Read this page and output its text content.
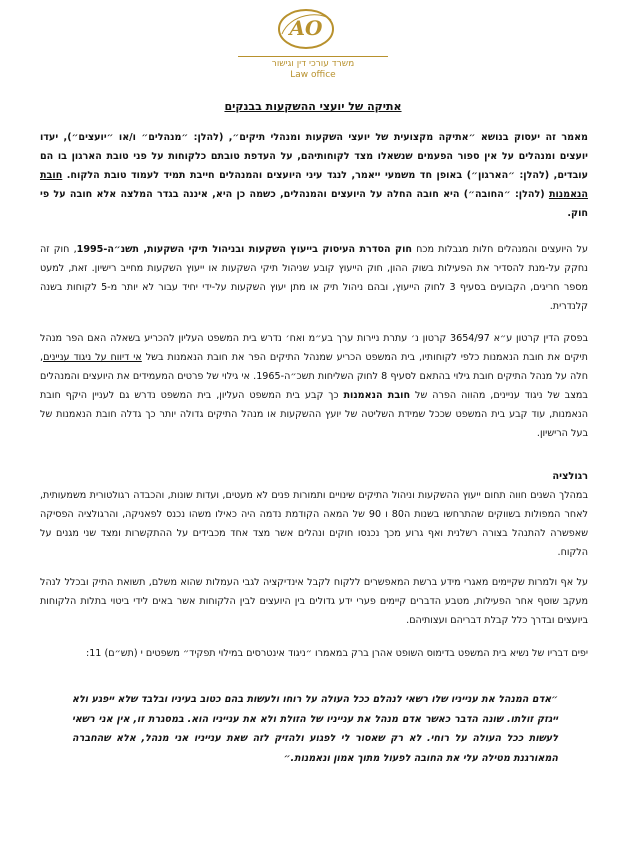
AO
משרד עורכי דין וגישור
Law office
אתיקה של יועצי ההשקעות בבנקים

מאמר זה יעסוק בנושא ״אתיקה מקצועית של יועצי השקעות ומנהלי תיקים״, (להלן: ״מנהלים״ ו/או ״יועצים״), יעדו יועצים ומנהלים על אין ספור הפעמים שנשאלו מצד לקוחותיהם, על העדפת טובתם כלקוחות על פני טובת הארגון בו הם עובדים, (להלן: ״הארגון״) באופן חד משמעי ייאמר, לנגד עיני היועצים והמנהלים חייבת תמיד לעמוד טובת הלקוח. חובת הנאמנות (להלן: ״החובה״) היא חובה החלה על היועצים והמנהלים, כשמה כן היא, איננה בגדר המלצה אלא חובה על פי חוק.

על היועצים והמנהלים חלות מגבלות מכח חוק הסדרת העיסוק בייעוץ השקעות ובניהול תיקי השקעות, תשנ״ה-1995, חוק זה נחקק על-מנת להסדיר את הפעילות בשוק ההון, חוק הייעוץ קובע שניהול תיקי השקעות או ייעוץ השקעות מחייב רישיון. זאת, למעט מספר חריגים, הקבועים בסעיף 3 לחוק הייעוץ, ובהם ניהול תיק או מתן יעוץ השקעות על-ידי יחיד עבור לא יותר מ-5 לקוחות בשנה קלנדרית.

בפסק הדין קרטון ע״א 3654/97 קרטון נ׳ עתרת ניירות ערך בע״מ ואח׳ נדרש בית המשפט העליון להכריע בשאלה האם הפר מנהל תיקים את חובת הנאמנות כלפי לקוחותיו, בית המשפט הכריע שמנהל התיקים הפר את חובת הנאמנות בשל אי דיווח על ניגוד עניינים, חלה על מנהל התיקים חובת גילוי בהתאם לסעיף 8 לחוק השליחות תשכ״ה-1965. אי גילוי של פרטים המעמידים את היועצים והמנהלים במצב של ניגוד עניינים, מהווה הפרה של חובת הנאמנות כך קבע בית המשפט העליון, בית המשפט נדרש גם לעניין היקף חובת הנאמנות, עוד קבע בית המשפט שככל שמידת השליטה של יועץ ההשקעות או מנהל התיקים גדולה יותר כך גדלה חובת הנאמנות של בעל הרישיון.

רגולציה

במהלך השנים חווה תחום ייעוץ ההשקעות וניהול התיקים שינויים ותמורות פנים לא מעטים, ועדות שונות, והכבדה רגולטורית משמעותית, לאחר המפולות בשווקים שהתרחשו בשנות ה80 ו 90 של המאה הקודמת נדמה היה כאילו משהו נכנס לפאניקה, והרגולציה הפסיקה שאפשרה להתנהל בצורה רשלנית ואף גרוע מכך נכנסו חוקים ונהלים אשר מצד אחד מכבידים על ההתקשרות ומצד שני מגנים על הלקוח.

על אף ולמרות שקיימים מאגרי מידע ברשת המאפשרים ללקוח לקבל אינדיקציה לגבי העמלות שהוא משלם, תשואת התיק ובכלל לנהל מעקב שוטף אחר הפעילות, מטבע הדברים קיימים פערי ידע גדולים בין היועצים לבין הלקוחות אשר באים לידי ביטוי בתלות הלקוחות ביועצים ובדרך כלל קבלת דבריהם ועצותיהם.

יפים דבריו של נשיא בית המשפט בדימוס השופט אהרן ברק במאמרו ״ניגוד אינטרסים במילוי תפקיד״ משפטים י (תש״ם) 11:

״אדם המנהל את ענייניו שלו רשאי לנהלם ככל העולה על רוחו ולעשות בהם כטוב בעיניו ובלבד שלא ייפגע ולא ייגזק זולתו. שונה הדבר כאשר אדם מנהל את ענייניו של הזולת ולא את ענייניו הוא. במסגרת זו, אין אני רשאי לעשות ככל העולה על רוחי. לא רק שאסור לי לפגוע ולהזיק לזה שאת ענייניו אני מנהל, אלא שהחברה המאורגנת מטילה עלי את החובה לפעול מתוך אמון ונאמנות.״
